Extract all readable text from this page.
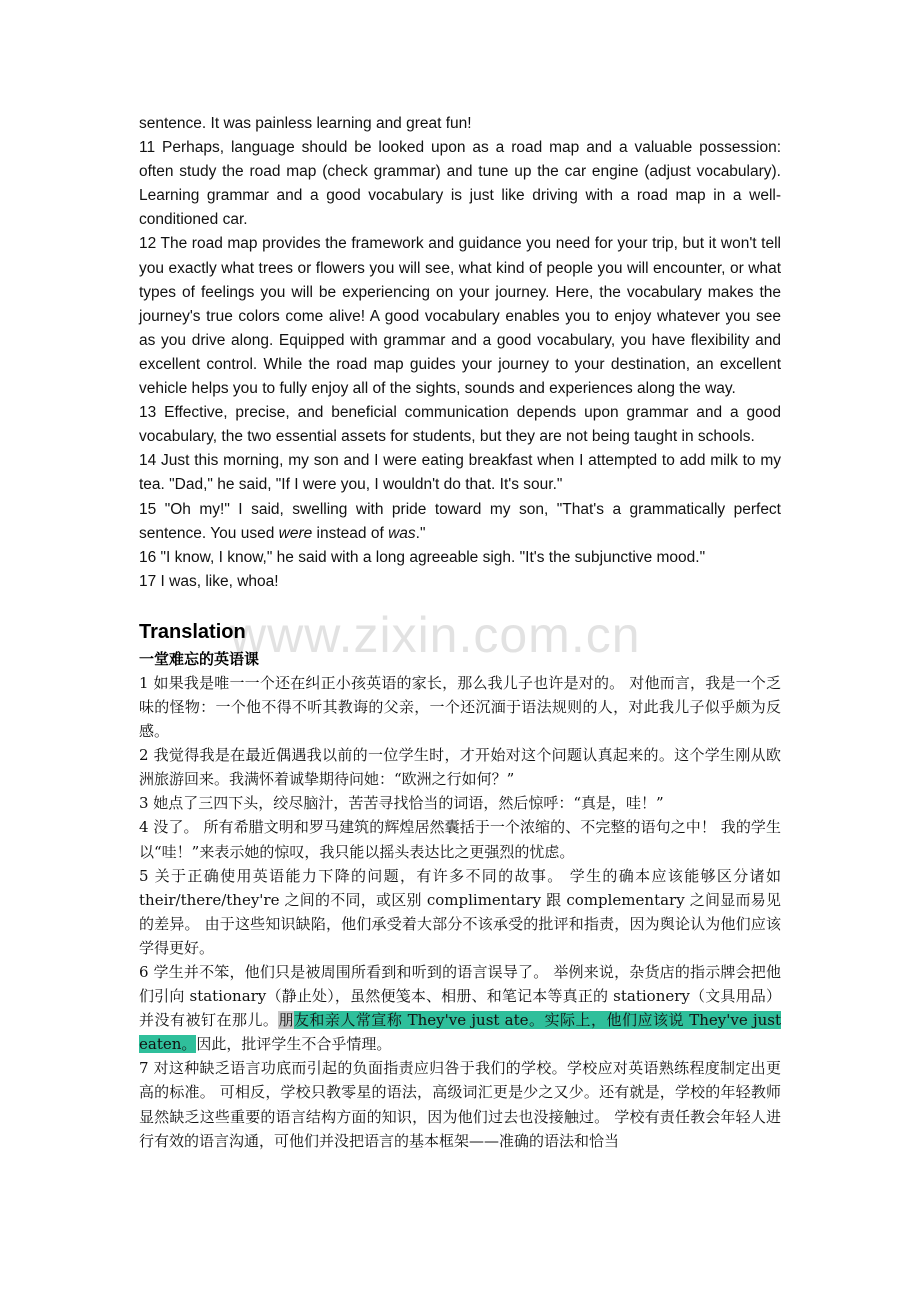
www.zixin.com.cn

sentence. It was painless learning and great fun!

11 Perhaps, language should be looked upon as a road map and a valuable possession: often study the road map (check grammar) and tune up the car engine (adjust vocabulary). Learning grammar and a good vocabulary is just like driving with a road map in a well-conditioned car.

12 The road map provides the framework and guidance you need for your trip, but it won't tell you exactly what trees or flowers you will see, what kind of people you will encounter, or what types of feelings you will be experiencing on your journey. Here, the vocabulary makes the journey's true colors come alive! A good vocabulary enables you to enjoy whatever you see as you drive along. Equipped with grammar and a good vocabulary, you have flexibility and excellent control. While the road map guides your journey to your destination, an excellent vehicle helps you to fully enjoy all of the sights, sounds and experiences along the way.

13 Effective, precise, and beneficial communication depends upon grammar and a good vocabulary, the two essential assets for students, but they are not being taught in schools.

14 Just this morning, my son and I were eating breakfast when I attempted to add milk to my tea. "Dad," he said, "If I were you, I wouldn't do that. It's sour."

15 "Oh my!" I said, swelling with pride toward my son, "That's a grammatically perfect sentence. You used were instead of was."

16 "I know, I know," he said with a long agreeable sigh. "It's the subjunctive mood."

17 I was, like, whoa!

Translation

一堂难忘的英语课

1 如果我是唯一一个还在纠正小孩英语的家长，那么我儿子也许是对的。 对他而言，我是一个乏味的怪物：一个他不得不听其教诲的父亲，一个还沉湎于语法规则的人，对此我儿子似乎颇为反感。

2 我觉得我是在最近偶遇我以前的一位学生时，才开始对这个问题认真起来的。这个学生刚从欧洲旅游回来。我满怀着诚挚期待问她：“欧洲之行如何？”

3 她点了三四下头，绞尽脑汁，苦苦寻找恰当的词语，然后惊呼：“真是，哇！”

4 没了。 所有希腊文明和罗马建筑的辉煌居然囊括于一个浓缩的、不完整的语句之中！ 我的学生以“哇！”来表示她的惊叹，我只能以摇头表达比之更强烈的忧虑。

5 关于正确使用英语能力下降的问题，有许多不同的故事。 学生的确本应该能够区分诸如 their/there/they're 之间的不同，或区别 complimentary 跟 complementary 之间显而易见的差异。 由于这些知识缺陷，他们承受着大部分不该承受的批评和指责，因为舆论认为他们应该学得更好。

6 学生并不笨，他们只是被周围所看到和听到的语言误导了。 举例来说，杂货店的指示牌会把他们引向 stationary（静止处），虽然便笺本、相册、和笔记本等真正的 stationery（文具用品）并没有被钉在那儿。朋友和亲人常宣称 They've just ate。实际上，他们应该说 They've just eaten。因此，批评学生不合乎情理。

7 对这种缺乏语言功底而引起的负面指责应归咎于我们的学校。学校应对英语熟练程度制定出更高的标准。 可相反，学校只教零星的语法，高级词汇更是少之又少。还有就是，学校的年轻教师显然缺乏这些重要的语言结构方面的知识，因为他们过去也没接触过。 学校有责任教会年轻人进行有效的语言沟通，可他们并没把语言的基本框架——准确的语法和恰当
